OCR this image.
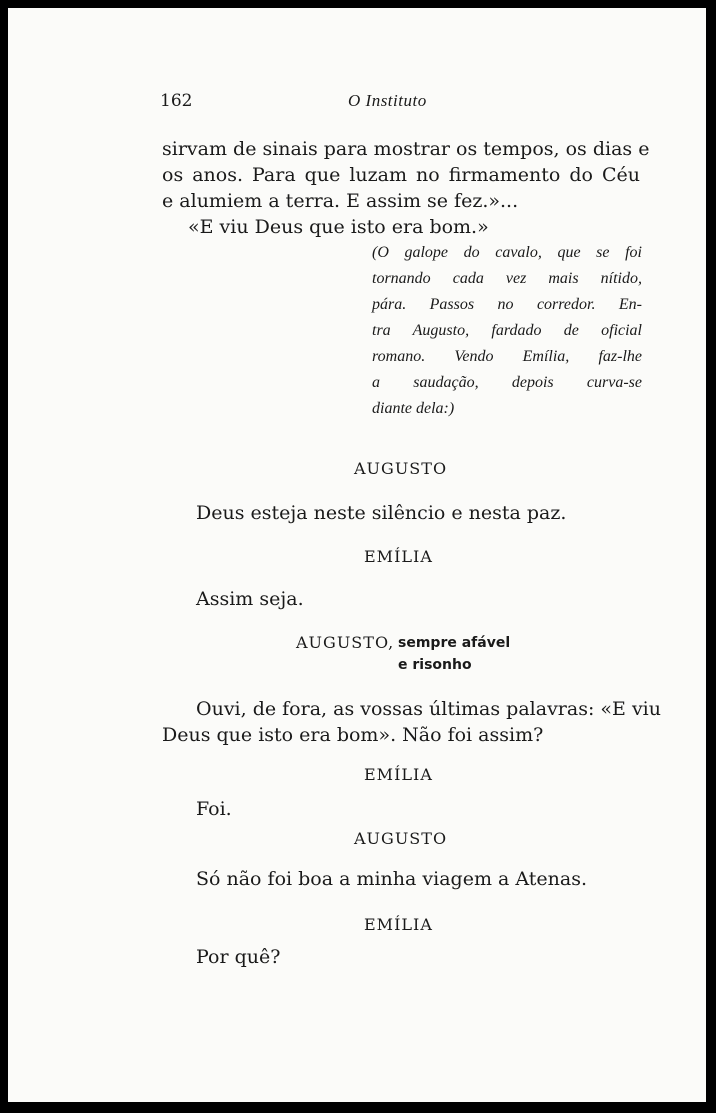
162	O Instituto
sirvam de sinais para mostrar os tempos, os dias e
os anos. Para que luzam no firmamento do Céu
e alumiem a terra. E assim se fez.»...
«E viu Deus que isto era bom.»
(O galope do cavalo, que se foi
tornando cada vez mais nítido,
pára. Passos no corredor. En-
tra Augusto, fardado de oficial
romano. Vendo Emília, faz-lhe
a saudação, depois curva-se
diante dela:)
AUGUSTO
Deus esteja neste silêncio e nesta paz.
EMÍLIA
Assim seja.
AUGUSTO, sempre afável
e risonho
Ouvi, de fora, as vossas últimas palavras: «E viu
Deus que isto era bom». Não foi assim?
EMÍLIA
Foi.
AUGUSTO
Só não foi boa a minha viagem a Atenas.
EMÍLIA
Por quê?
